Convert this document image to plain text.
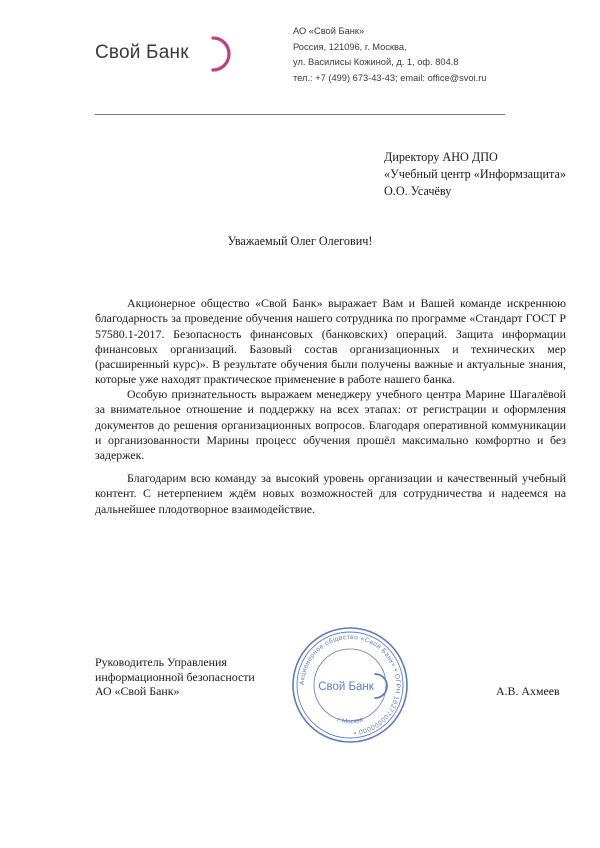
Свой Банк
АО «Свой Банк»
Россия, 121096, г. Москва,
ул. Василисы Кожиной, д. 1, оф. 804.8
тел.: +7 (499) 673-43-43; email: office@svoi.ru
Директору АНО ДПО
«Учебный центр «Информзащита»
О.О. Усачёву
Уважаемый Олег Олегович!

Акционерное общество «Свой Банк» выражает Вам и Вашей команде искреннюю благодарность за проведение обучения нашего сотрудника по программе «Стандарт ГОСТ Р 57580.1-2017. Безопасность финансовых (банковских) операций. Защита информации финансовых организаций. Базовый состав организационных и технических мер (расширенный курс)». В результате обучения были получены важные и актуальные знания, которые уже находят практическое применение в работе нашего банка.

Особую признательность выражаем менеджеру учебного центра Марине Шагалёвой за внимательное отношение и поддержку на всех этапах: от регистрации и оформления документов до решения организационных вопросов. Благодаря оперативной коммуникации и организованности Марины процесс обучения прошёл максимально комфортно и без задержек.

Благодарим всю команду за высокий уровень организации и качественный учебный контент. С нетерпением ждём новых возможностей для сотрудничества и надеемся на дальнейшее плодотворное взаимодействие.

Руководитель Управления
информационной безопасности
АО «Свой Банк»	А.В. Ахмеев
Акционерное общество «Свой Банк» • ОГРН 1027700000000 •
г. Москва
Свой Банк
